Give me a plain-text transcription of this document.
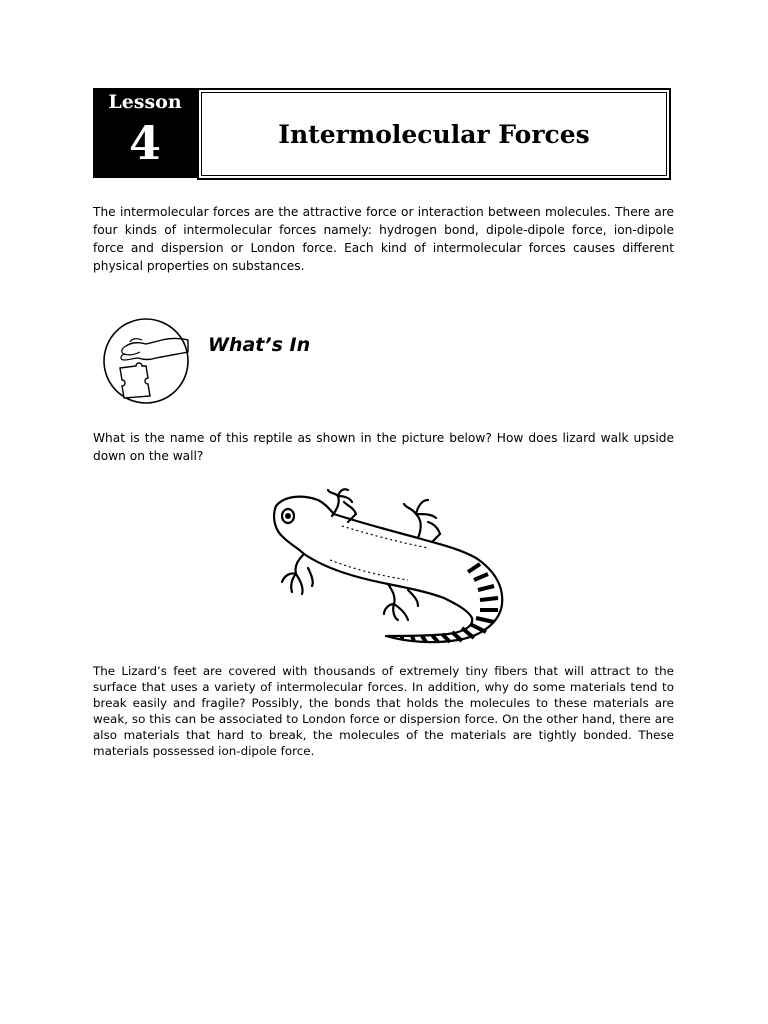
Lesson
4	Intermolecular Forces

The intermolecular forces are the attractive force or interaction between molecules. There are four kinds of intermolecular forces namely: hydrogen bond, dipole-dipole force, ion-dipole force and dispersion or London force. Each kind of intermolecular forces causes different physical properties on substances.

What’s In

What is the name of this reptile as shown in the picture below? How does lizard walk upside down on the wall?

The Lizard’s feet are covered with thousands of extremely tiny fibers that will attract to the surface that uses a variety of intermolecular forces. In addition, why do some materials tend to break easily and fragile? Possibly, the bonds that holds the molecules to these materials are weak, so this can be associated to London force or dispersion force. On the other hand, there are also materials that hard to break, the molecules of the materials are tightly bonded. These materials possessed ion-dipole force.
